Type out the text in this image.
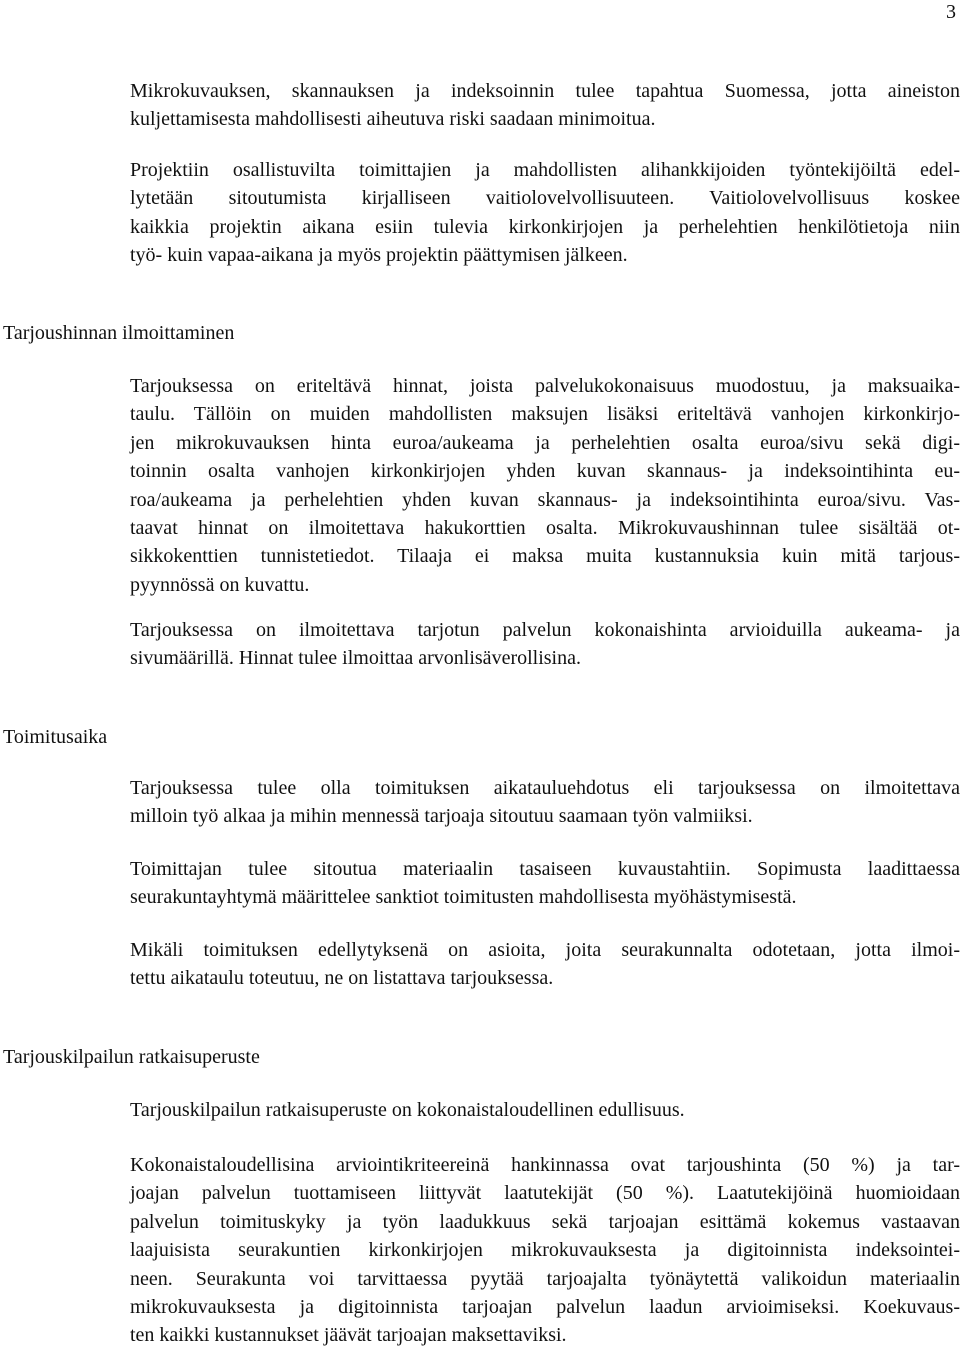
3
Mikrokuvauksen, skannauksen ja indeksoinnin tulee tapahtua Suomessa, jotta aineiston
kuljettamisesta mahdollisesti aiheutuva riski saadaan minimoitua.
Projektiin osallistuvilta toimittajien ja mahdollisten alihankkijoiden työntekijöiltä edel-
lytetään sitoutumista kirjalliseen vaitiolovelvollisuuteen. Vaitiolovelvollisuus koskee
kaikkia projektin aikana esiin tulevia kirkonkirjojen ja perhelehtien henkilötietoja niin
työ- kuin vapaa-aikana ja myös projektin päättymisen jälkeen.
Tarjoushinnan ilmoittaminen
Tarjouksessa on eriteltävä hinnat, joista palvelukokonaisuus muodostuu, ja maksuaika-
taulu. Tällöin on muiden mahdollisten maksujen lisäksi eriteltävä vanhojen kirkonkirjo-
jen mikrokuvauksen hinta euroa/aukeama ja perhelehtien osalta euroa/sivu sekä digi-
toinnin osalta vanhojen kirkonkirjojen yhden kuvan skannaus- ja indeksointihinta eu-
roa/aukeama ja perhelehtien yhden kuvan skannaus- ja indeksointihinta euroa/sivu. Vas-
taavat hinnat on ilmoitettava hakukorttien osalta. Mikrokuvaushinnan tulee sisältää ot-
sikkokenttien tunnistetiedot. Tilaaja ei maksa muita kustannuksia kuin mitä tarjous-
pyynnössä on kuvattu.
Tarjouksessa on ilmoitettava tarjotun palvelun kokonaishinta arvioiduilla aukeama- ja
sivumäärillä. Hinnat tulee ilmoittaa arvonlisäverollisina.
Toimitusaika
Tarjouksessa tulee olla toimituksen aikatauluehdotus eli tarjouksessa on ilmoitettava
milloin työ alkaa ja mihin mennessä tarjoaja sitoutuu saamaan työn valmiiksi.
Toimittajan tulee sitoutua materiaalin tasaiseen kuvaustahtiin. Sopimusta laadittaessa
seurakuntayhtymä määrittelee sanktiot toimitusten mahdollisesta myöhästymisestä.
Mikäli toimituksen edellytyksenä on asioita, joita seurakunnalta odotetaan, jotta ilmoi-
tettu aikataulu toteutuu, ne on listattava tarjouksessa.
Tarjouskilpailun ratkaisuperuste
Tarjouskilpailun ratkaisuperuste on kokonaistaloudellinen edullisuus.
Kokonaistaloudellisina arviointikriteereinä hankinnassa ovat tarjoushinta (50 %) ja tar-
joajan palvelun tuottamiseen liittyvät laatutekijät (50 %). Laatutekijöinä huomioidaan
palvelun toimituskyky ja työn laadukkuus sekä tarjoajan esittämä kokemus vastaavan
laajuisista seurakuntien kirkonkirjojen mikrokuvauksesta ja digitoinnista indeksointei-
neen. Seurakunta voi tarvittaessa pyytää tarjoajalta työnäytettä valikoidun materiaalin
mikrokuvauksesta ja digitoinnista tarjoajan palvelun laadun arvioimiseksi. Koekuvaus-
ten kaikki kustannukset jäävät tarjoajan maksettaviksi.
